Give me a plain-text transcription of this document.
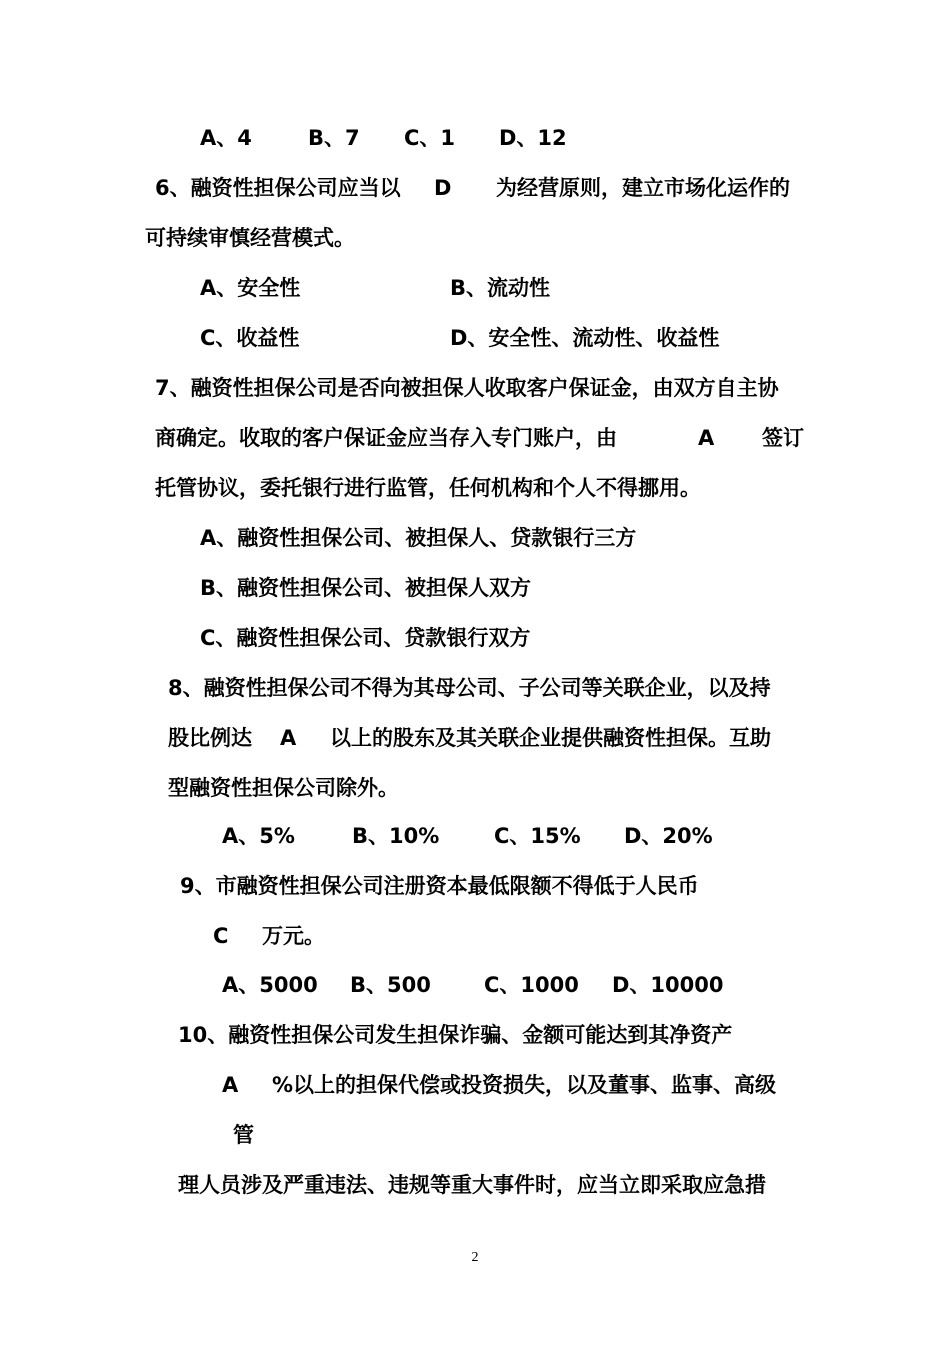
A、4	B、7 C、1 D、12
6、融资性担保公司应当以 D 为经营原则，建立市场化运作的
可持续审慎经营模式。
A、安全性	B、流动性
C、收益性	D、安全性、流动性、收益性
7、融资性担保公司是否向被担保人收取客户保证金，由双方自主协
商确定。收取的客户保证金应当存入专门账户，由	A 签订
托管协议，委托银行进行监管，任何机构和个人不得挪用。
A、融资性担保公司、被担保人、贷款银行三方
B、融资性担保公司、被担保人双方
C、融资性担保公司、贷款银行双方
8、融资性担保公司不得为其母公司、子公司等关联企业，以及持
股比例达 A 以上的股东及其关联企业提供融资性担保。互助
型融资性担保公司除外。
A、5%	B、10%	C、15% D、20%
9、市融资性担保公司注册资本最低限额不得低于人民币
C 万元。
A、5000 B、500	C、1000 D、10000
10、融资性担保公司发生担保诈骗、金额可能达到其净资产
A %以上的担保代偿或投资损失，以及董事、监事、高级
管
理人员涉及严重违法、违规等重大事件时，应当立即采取应急措
2
